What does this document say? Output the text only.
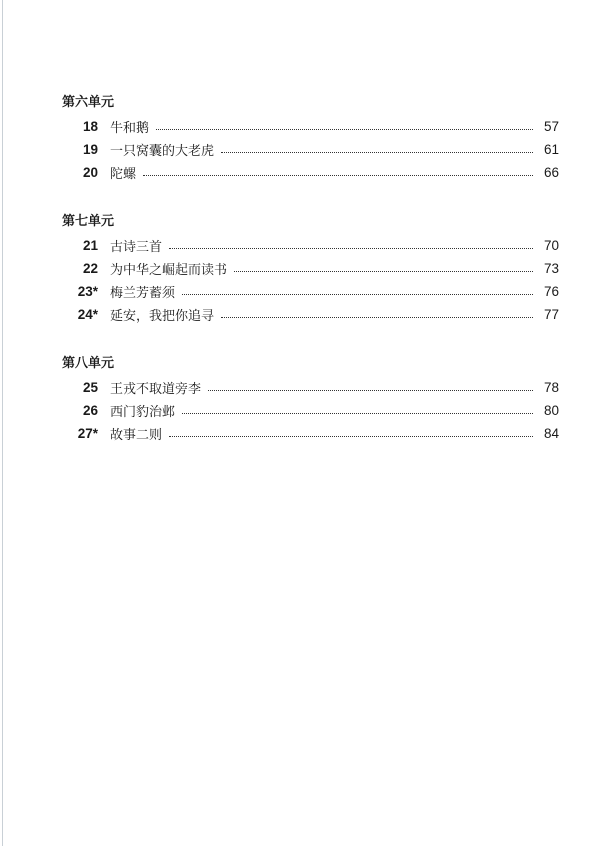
第六单元
18 牛和鹅	57
19 一只窝囊的大老虎	61
20 陀螺	66
第七单元
21 古诗三首	70
22 为中华之崛起而读书	73
23* 梅兰芳蓄须	76
24* 延安，我把你追寻	77
第八单元
25 王戎不取道旁李	78
26 西门豹治邺	80
27* 故事二则	84
